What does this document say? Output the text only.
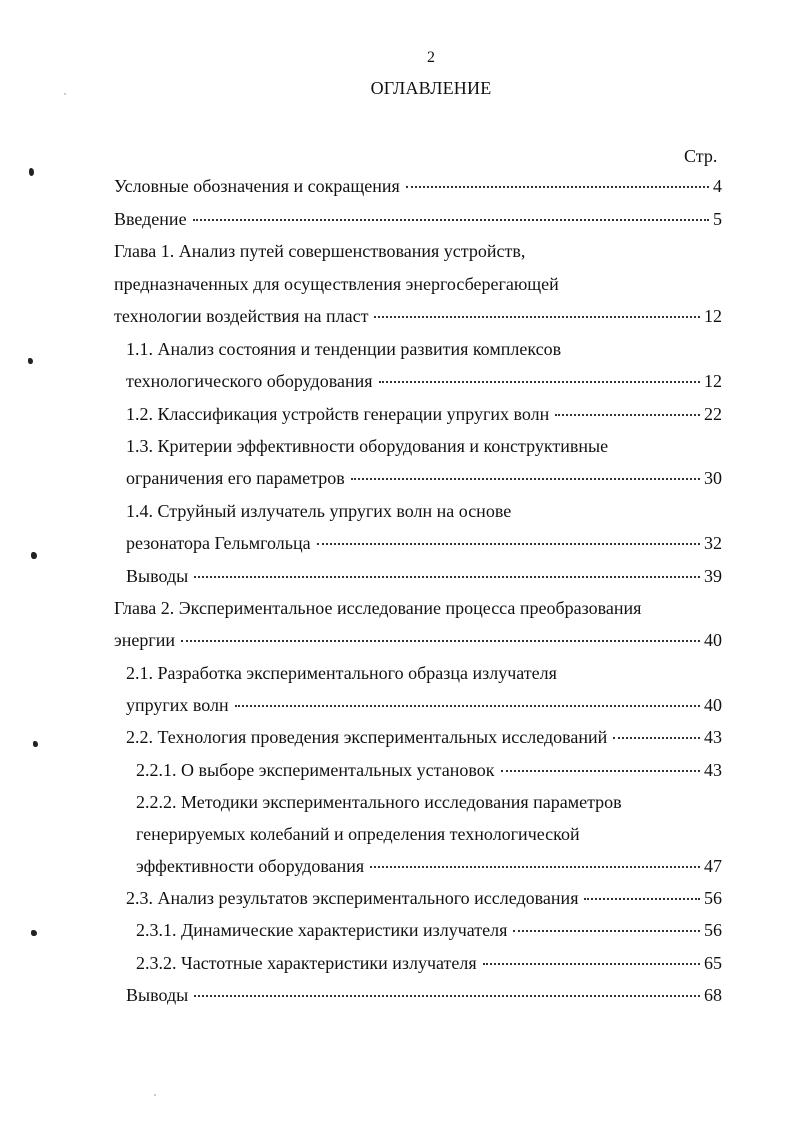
2
ОГЛАВЛЕНИЕ
Стр.
Условные обозначения и сокращения	4
Введение	5
Глава 1. Анализ путей совершенствования устройств,
предназначенных для осуществления энергосберегающей
технологии воздействия на пласт	12
1.1. Анализ состояния и тенденции развития комплексов
технологического оборудования	12
1.2. Классификация устройств генерации упругих волн	22
1.3. Критерии эффективности оборудования и конструктивные
ограничения его параметров	30
1.4. Струйный излучатель упругих волн на основе
резонатора Гельмгольца	32
Выводы	39
Глава 2. Экспериментальное исследование процесса преобразования
энергии	40
2.1. Разработка экспериментального образца излучателя
упругих волн	40
2.2. Технология проведения экспериментальных исследований	43
2.2.1. О выборе экспериментальных установок	43
2.2.2. Методики экспериментального исследования параметров
генерируемых колебаний и определения технологической
эффективности оборудования	47
2.3. Анализ результатов экспериментального исследования	56
2.3.1. Динамические характеристики излучателя	56
2.3.2. Частотные характеристики излучателя	65
Выводы	68
